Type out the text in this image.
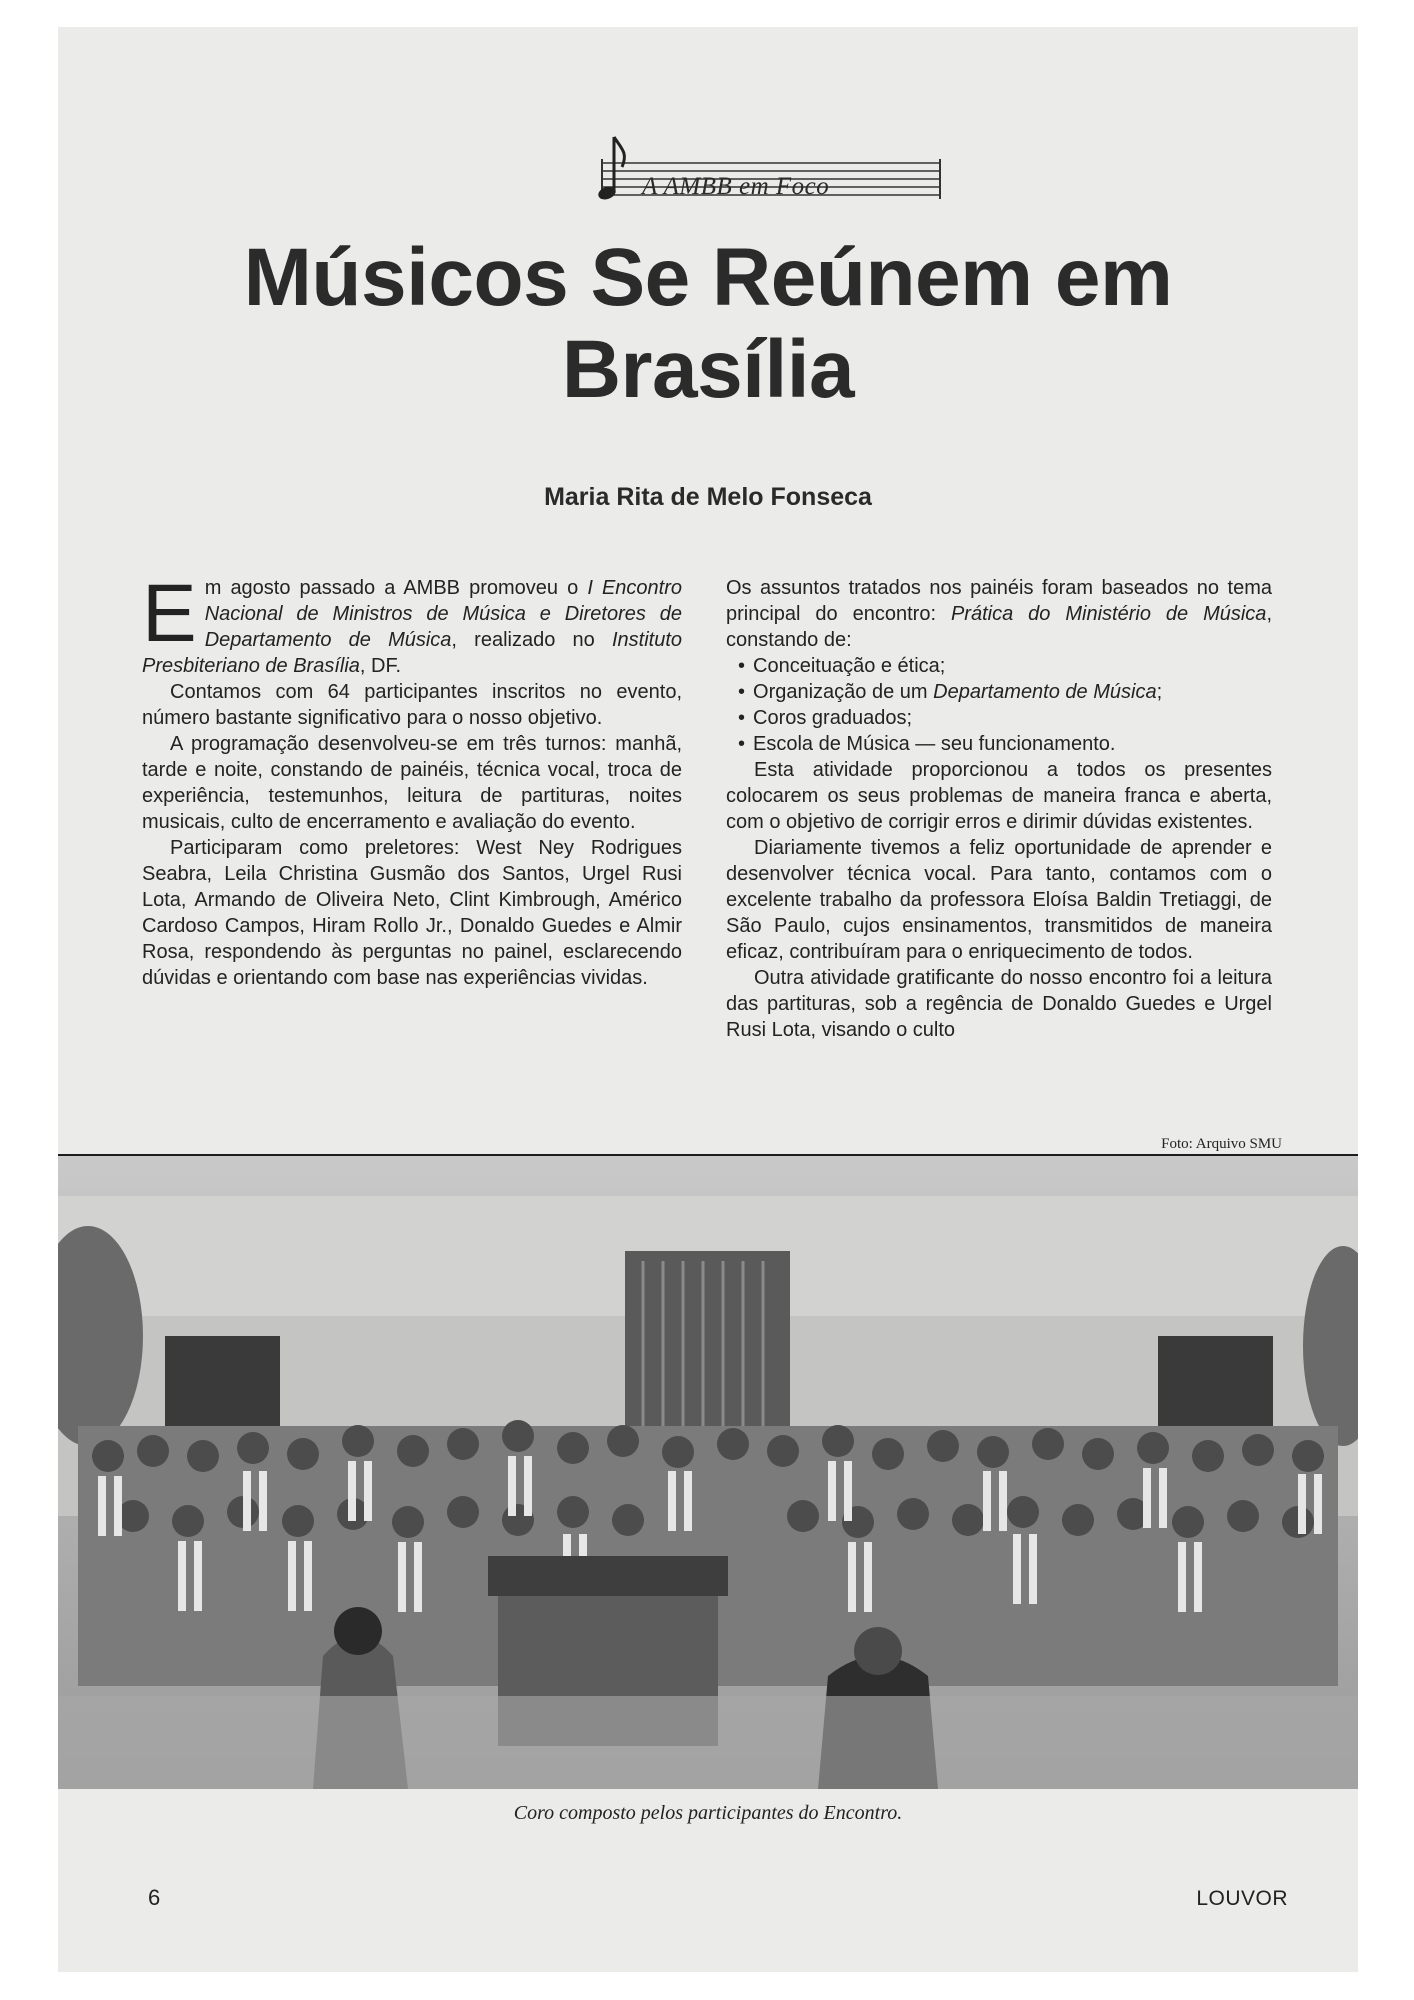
A AMBB em Foco
Músicos Se Reúnem em
Brasília
Maria Rita de Melo Fonseca

Em agosto passado a AMBB promoveu o I Encontro Nacional de Ministros de Música e Diretores de Departamento de Música, realizado no Instituto Presbiteriano de Brasília, DF.

Contamos com 64 participantes inscritos no evento, número bastante significativo para o nosso objetivo.

A programação desenvolveu-se em três turnos: manhã, tarde e noite, constando de painéis, técnica vocal, troca de experiência, testemunhos, leitura de partituras, noites musicais, culto de encerramento e avaliação do evento.

Participaram como preletores: West Ney Rodrigues Seabra, Leila Christina Gusmão dos Santos, Urgel Rusi Lota, Armando de Oliveira Neto, Clint Kimbrough, Américo Cardoso Campos, Hiram Rollo Jr., Donaldo Guedes e Almir Rosa, respondendo às perguntas no painel, esclarecendo dúvidas e orientando com base nas experiências vividas.

Os assuntos tratados nos painéis foram baseados no tema principal do encontro: Prática do Ministério de Música, constando de:

• Conceituação e ética;
• Organização de um Departamento de Música;
• Coros graduados;
• Escola de Música — seu funcionamento.

Esta atividade proporcionou a todos os presentes colocarem os seus problemas de maneira franca e aberta, com o objetivo de corrigir erros e dirimir dúvidas existentes.

Diariamente tivemos a feliz oportunidade de aprender e desenvolver técnica vocal. Para tanto, contamos com o excelente trabalho da professora Eloísa Baldin Tretiaggi, de São Paulo, cujos ensinamentos, transmitidos de maneira eficaz, contribuíram para o enriquecimento de todos.

Outra atividade gratificante do nosso encontro foi a leitura das partituras, sob a regência de Donaldo Guedes e Urgel Rusi Lota, visando o culto

Foto: Arquivo SMU
Coro composto pelos participantes do Encontro.
6	LOUVOR
